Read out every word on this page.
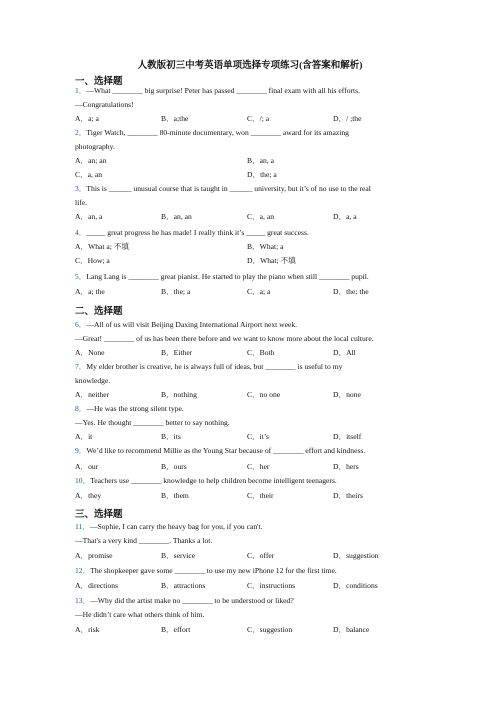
人教版初三中考英语单项选择专项练习(含答案和解析)
一、选择题
1．—What ________ big surprise! Peter has passed ________ final exam with all his efforts.
—Congratulations!
A．a; a	B．a;the	C．/; a	D．/ ;the
2．Tiger Watch, ________ 80-minute documentary, won ________ award for its amazing
photography.
A．an; an	B．an, a
C．a, an	D．the; a
3．This is ______ unusual course that is taught in ______ university, but it’s of no use to the real
life.
A．an, a	B．an, an	C．a, an	D．a, a
4．_____ great progress he has made! I really think it’s _____ great success.
A．What a; 不填	B．What; a
C．How; a	D．What; 不填
5．Lang Lang is ________ great pianist. He started to play the piano when still ________ pupil.
A．a; the	B．the; a	C．a; a	D．the; the
二、选择题
6．—All of us will visit Beijing Daxing International Airport next week.
—Great! ________ of us has been there before and we want to know more about the local culture.
A．None	B．Either	C．Both	D．All
7．My elder brother is creative, he is always full of ideas, but ________ is useful to my
knowledge.
A．neither	B．nothing	C．no one	D．none
8．—He was the strong silent type.
—Yes. He thought ________ better to say nothing.
A．it	B．its	C．it’s	D．itself
9．We’d like to recommend Millie as the Young Star because of ________ effort and kindness.
A．our	B．ours	C．her	D．hers
10．Teachers use ________ knowledge to help children become intelligent teenagers.
A．they	B．them	C．their	D．theirs
三、选择题
11．—Sophie, I can carry the heavy bag for you, if you can't.
—That's a very kind ________. Thanks a lot.
A．promise	B．service	C．offer	D．suggestion
12．The shopkeeper gave some ________ to use my new iPhone 12 for the first time.
A．directions	B．attractions	C．instructions	D．conditions
13．—Why did the artist make no ________ to be understood or liked?
—He didn’t care what others think of him.
A．risk	B．effort	C．suggestion	D．balance
